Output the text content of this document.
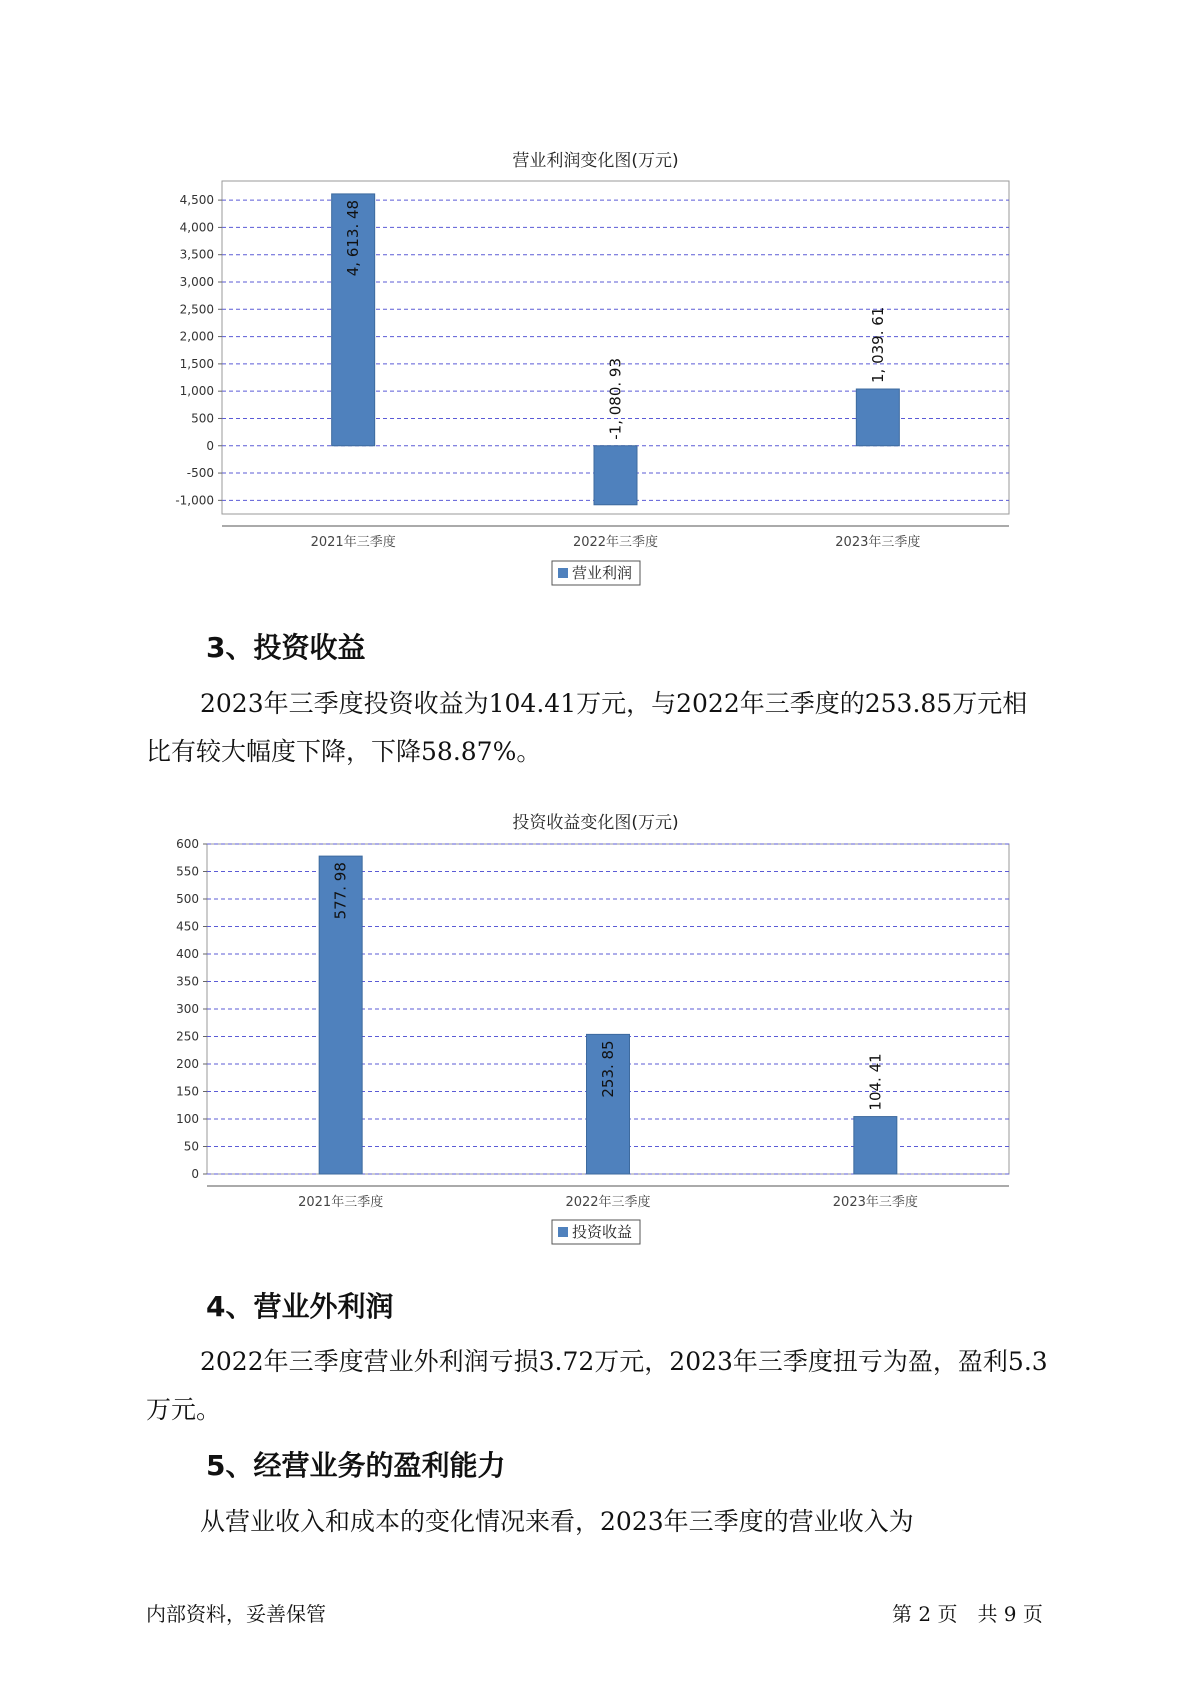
营业利润变化图(万元)
4,500
4,000
3,500
3,000
2,500
2,000
1,500
1,000
500
0
-500
-1,000
2021年三季度
4, 613. 48
2022年三季度
-1, 080. 93
2023年三季度
1, 039. 61
营业利润
3、投资收益

2023年三季度投资收益为104.41万元，与2022年三季度的253.85万元相比有较大幅度下降，下降58.87%。

投资收益变化图(万元)
600
550
500
450
400
350
300
250
200
150
100
50
0
2021年三季度
577. 98
2022年三季度
253. 85
2023年三季度
104. 41
投资收益
4、营业外利润

2022年三季度营业外利润亏损3.72万元，2023年三季度扭亏为盈，盈利5.3万元。

5、经营业务的盈利能力

从营业收入和成本的变化情况来看，2023年三季度的营业收入为

内部资料，妥善保管	第 2 页　共 9 页
